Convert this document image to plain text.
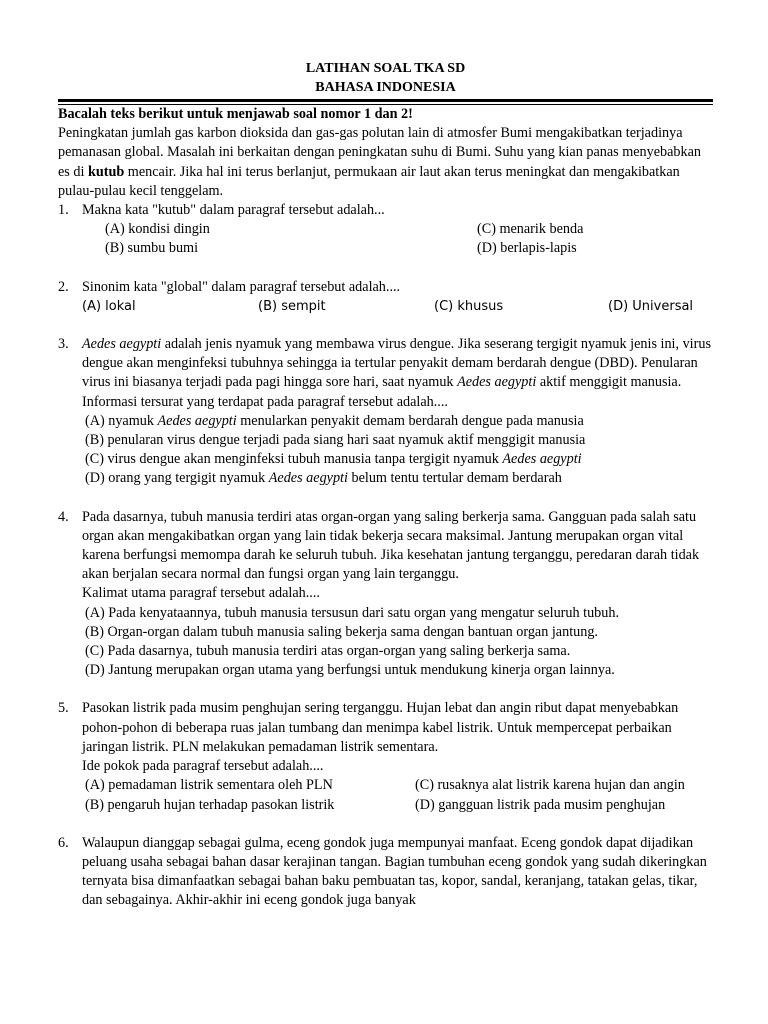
LATIHAN SOAL TKA SD
BAHASA INDONESIA

Bacalah teks berikut untuk menjawab soal nomor 1 dan 2!

Peningkatan jumlah gas karbon dioksida dan gas-gas polutan lain di atmosfer Bumi mengakibatkan terjadinya pemanasan global. Masalah ini berkaitan dengan peningkatan suhu di Bumi. Suhu yang kian panas menyebabkan es di kutub mencair. Jika hal ini terus berlanjut, permukaan air laut akan terus meningkat dan mengakibatkan pulau-pulau kecil tenggelam.

1. Makna kata "kutub" dalam paragraf tersebut adalah...

(A) kondisi dingin	(C) menarik benda
(B) sumbu bumi	(D) berlapis-lapis
2. Sinonim kata "global" dalam paragraf tersebut adalah....

(A) lokal	(B) sempit	(C) khusus	(D) Universal
3. Aedes aegypti adalah jenis nyamuk yang membawa virus dengue. Jika seserang tergigit nyamuk jenis ini, virus dengue akan menginfeksi tubuhnya sehingga ia tertular penyakit demam berdarah dengue (DBD). Penularan virus ini biasanya terjadi pada pagi hingga sore hari, saat nyamuk Aedes aegypti aktif menggigit manusia.

Informasi tersurat yang terdapat pada paragraf tersebut adalah....

(A) nyamuk Aedes aegypti menularkan penyakit demam berdarah dengue pada manusia

(B) penularan virus dengue terjadi pada siang hari saat nyamuk aktif menggigit manusia

(C) virus dengue akan menginfeksi tubuh manusia tanpa tergigit nyamuk Aedes aegypti

(D) orang yang tergigit nyamuk Aedes aegypti belum tentu tertular demam berdarah

4. Pada dasarnya, tubuh manusia terdiri atas organ-organ yang saling berkerja sama. Gangguan pada salah satu organ akan mengakibatkan organ yang lain tidak bekerja secara maksimal. Jantung merupakan organ vital karena berfungsi memompa darah ke seluruh tubuh. Jika kesehatan jantung terganggu, peredaran darah tidak akan berjalan secara normal dan fungsi organ yang lain terganggu.

Kalimat utama paragraf tersebut adalah....

(A) Pada kenyataannya, tubuh manusia tersusun dari satu organ yang mengatur seluruh tubuh.

(B) Organ-organ dalam tubuh manusia saling bekerja sama dengan bantuan organ jantung.

(C) Pada dasarnya, tubuh manusia terdiri atas organ-organ yang saling berkerja sama.

(D) Jantung merupakan organ utama yang berfungsi untuk mendukung kinerja organ lainnya.

5. Pasokan listrik pada musim penghujan sering terganggu. Hujan lebat dan angin ribut dapat menyebabkan pohon-pohon di beberapa ruas jalan tumbang dan menimpa kabel listrik. Untuk mempercepat perbaikan jaringan listrik. PLN melakukan pemadaman listrik sementara.

Ide pokok pada paragraf tersebut adalah....

(A) pemadaman listrik sementara oleh PLN	(C) rusaknya alat listrik karena hujan dan angin
(B) pengaruh hujan terhadap pasokan listrik	(D) gangguan listrik pada musim penghujan
6. Walaupun dianggap sebagai gulma, eceng gondok juga mempunyai manfaat. Eceng gondok dapat dijadikan peluang usaha sebagai bahan dasar kerajinan tangan. Bagian tumbuhan eceng gondok yang sudah dikeringkan ternyata bisa dimanfaatkan sebagai bahan baku pembuatan tas, kopor, sandal, keranjang, tatakan gelas, tikar, dan sebagainya. Akhir-akhir ini eceng gondok juga banyak
